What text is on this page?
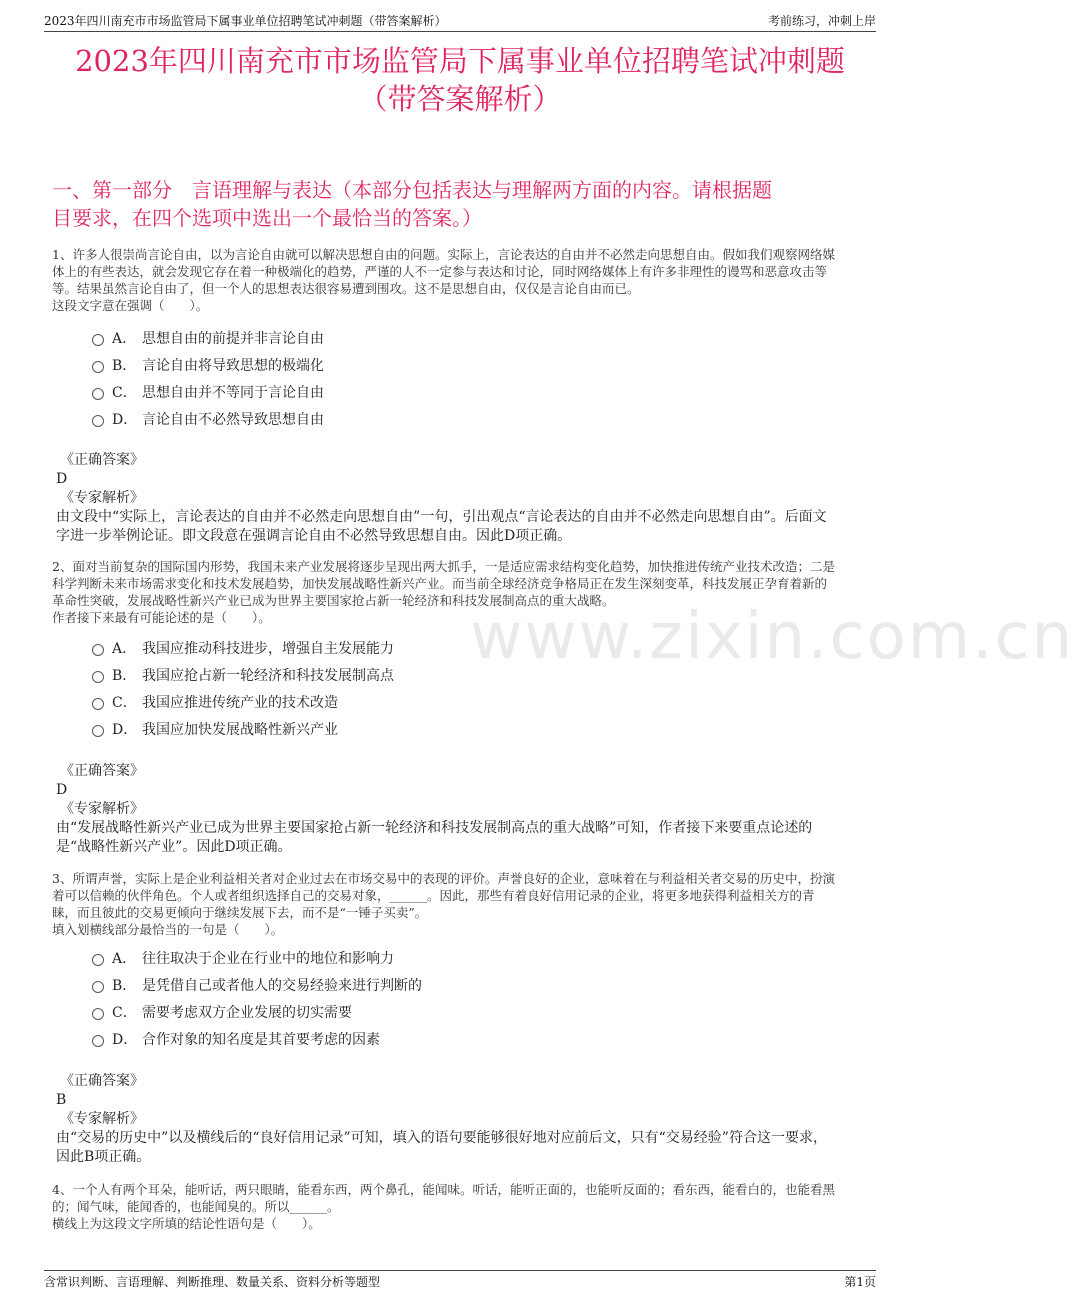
2023年四川南充市市场监管局下属事业单位招聘笔试冲刺题（带答案解析）	考前练习，冲刺上岸
2023年四川南充市市场监管局下属事业单位招聘笔试冲刺题
（带答案解析）
一、第一部分　言语理解与表达（本部分包括表达与理解两方面的内容。请根据题
目要求，在四个选项中选出一个最恰当的答案。）
www.zixin.com.cn

1、许多人很崇尚言论自由，以为言论自由就可以解决思想自由的问题。实际上，言论表达的自由并不必然走向思想自由。假如我们观察网络媒

体上的有些表达，就会发现它存在着一种极端化的趋势，严谨的人不一定参与表达和讨论，同时网络媒体上有许多非理性的谩骂和恶意攻击等

等。结果虽然言论自由了，但一个人的思想表达很容易遭到围攻。这不是思想自由，仅仅是言论自由而已。

这段文字意在强调（　　）。

A． 思想自由的前提并非言论自由
B． 言论自由将导致思想的极端化
C． 思想自由并不等同于言论自由
D． 言论自由不必然导致思想自由
《正确答案》
D
《专家解析》
由文段中“实际上，言论表达的自由并不必然走向思想自由”一句，引出观点“言论表达的自由并不必然走向思想自由”。后面文
字进一步举例论证。即文段意在强调言论自由不必然导致思想自由。因此D项正确。

2、面对当前复杂的国际国内形势，我国未来产业发展将逐步呈现出两大抓手，一是适应需求结构变化趋势，加快推进传统产业技术改造；二是

科学判断未来市场需求变化和技术发展趋势，加快发展战略性新兴产业。而当前全球经济竞争格局正在发生深刻变革，科技发展正孕育着新的

革命性突破，发展战略性新兴产业已成为世界主要国家抢占新一轮经济和科技发展制高点的重大战略。

作者接下来最有可能论述的是（　　）。

A． 我国应推动科技进步，增强自主发展能力
B． 我国应抢占新一轮经济和科技发展制高点
C． 我国应推进传统产业的技术改造
D． 我国应加快发展战略性新兴产业
《正确答案》
D
《专家解析》
由“发展战略性新兴产业已成为世界主要国家抢占新一轮经济和科技发展制高点的重大战略”可知，作者接下来要重点论述的
是“战略性新兴产业”。因此D项正确。

3、所谓声誉，实际上是企业利益相关者对企业过去在市场交易中的表现的评价。声誉良好的企业，意味着在与利益相关者交易的历史中，扮演

着可以信赖的伙伴角色。个人或者组织选择自己的交易对象，______。因此，那些有着良好信用记录的企业，将更多地获得利益相关方的青

睐，而且彼此的交易更倾向于继续发展下去，而不是“一锤子买卖”。

填入划横线部分最恰当的一句是（　　）。

A． 往往取决于企业在行业中的地位和影响力
B． 是凭借自己或者他人的交易经验来进行判断的
C． 需要考虑双方企业发展的切实需要
D． 合作对象的知名度是其首要考虑的因素
《正确答案》
B
《专家解析》
由“交易的历史中”以及横线后的“良好信用记录”可知，填入的语句要能够很好地对应前后文，只有“交易经验”符合这一要求，
因此B项正确。

4、一个人有两个耳朵，能听话，两只眼睛，能看东西，两个鼻孔，能闻味。听话，能听正面的，也能听反面的；看东西，能看白的，也能看黑

的；闻气味，能闻香的，也能闻臭的。所以______。

横线上为这段文字所填的结论性语句是（　　）。

含常识判断、言语理解、判断推理、数量关系、资料分析等题型	第1页
